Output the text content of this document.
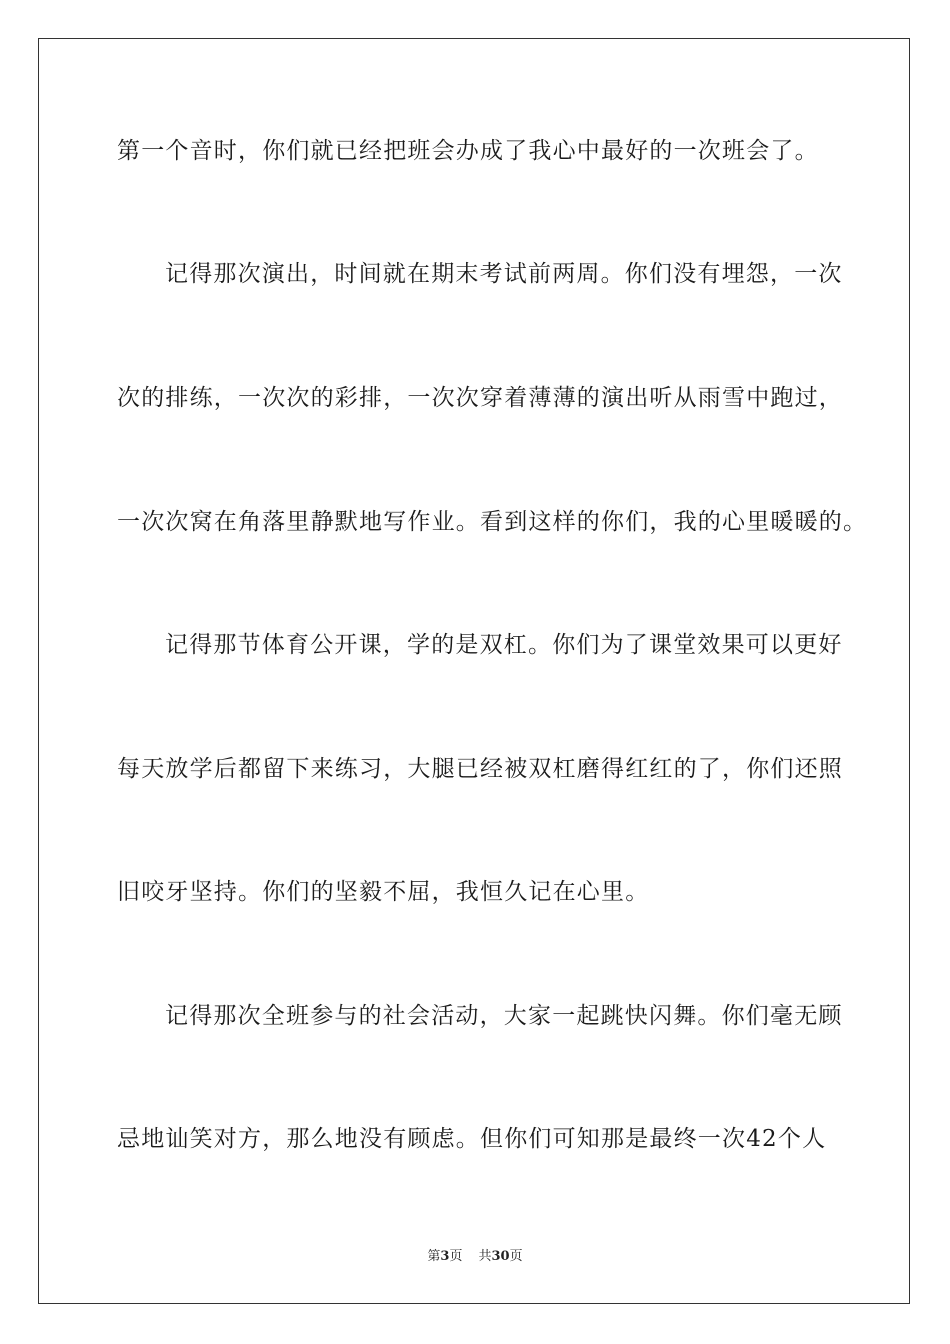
第一个音时，你们就已经把班会办成了我心中最好的一次班会了。
记得那次演出，时间就在期末考试前两周。你们没有埋怨，一次
次的排练，一次次的彩排，一次次穿着薄薄的演出听从雨雪中跑过，
一次次窝在角落里静默地写作业。看到这样的你们，我的心里暖暖的。
记得那节体育公开课，学的是双杠。你们为了课堂效果可以更好
每天放学后都留下来练习，大腿已经被双杠磨得红红的了，你们还照
旧咬牙坚持。你们的坚毅不屈，我恒久记在心里。
记得那次全班参与的社会活动，大家一起跳快闪舞。你们毫无顾
忌地讪笑对方，那么地没有顾虑。但你们可知那是最终一次42个人
第3页 共30页
